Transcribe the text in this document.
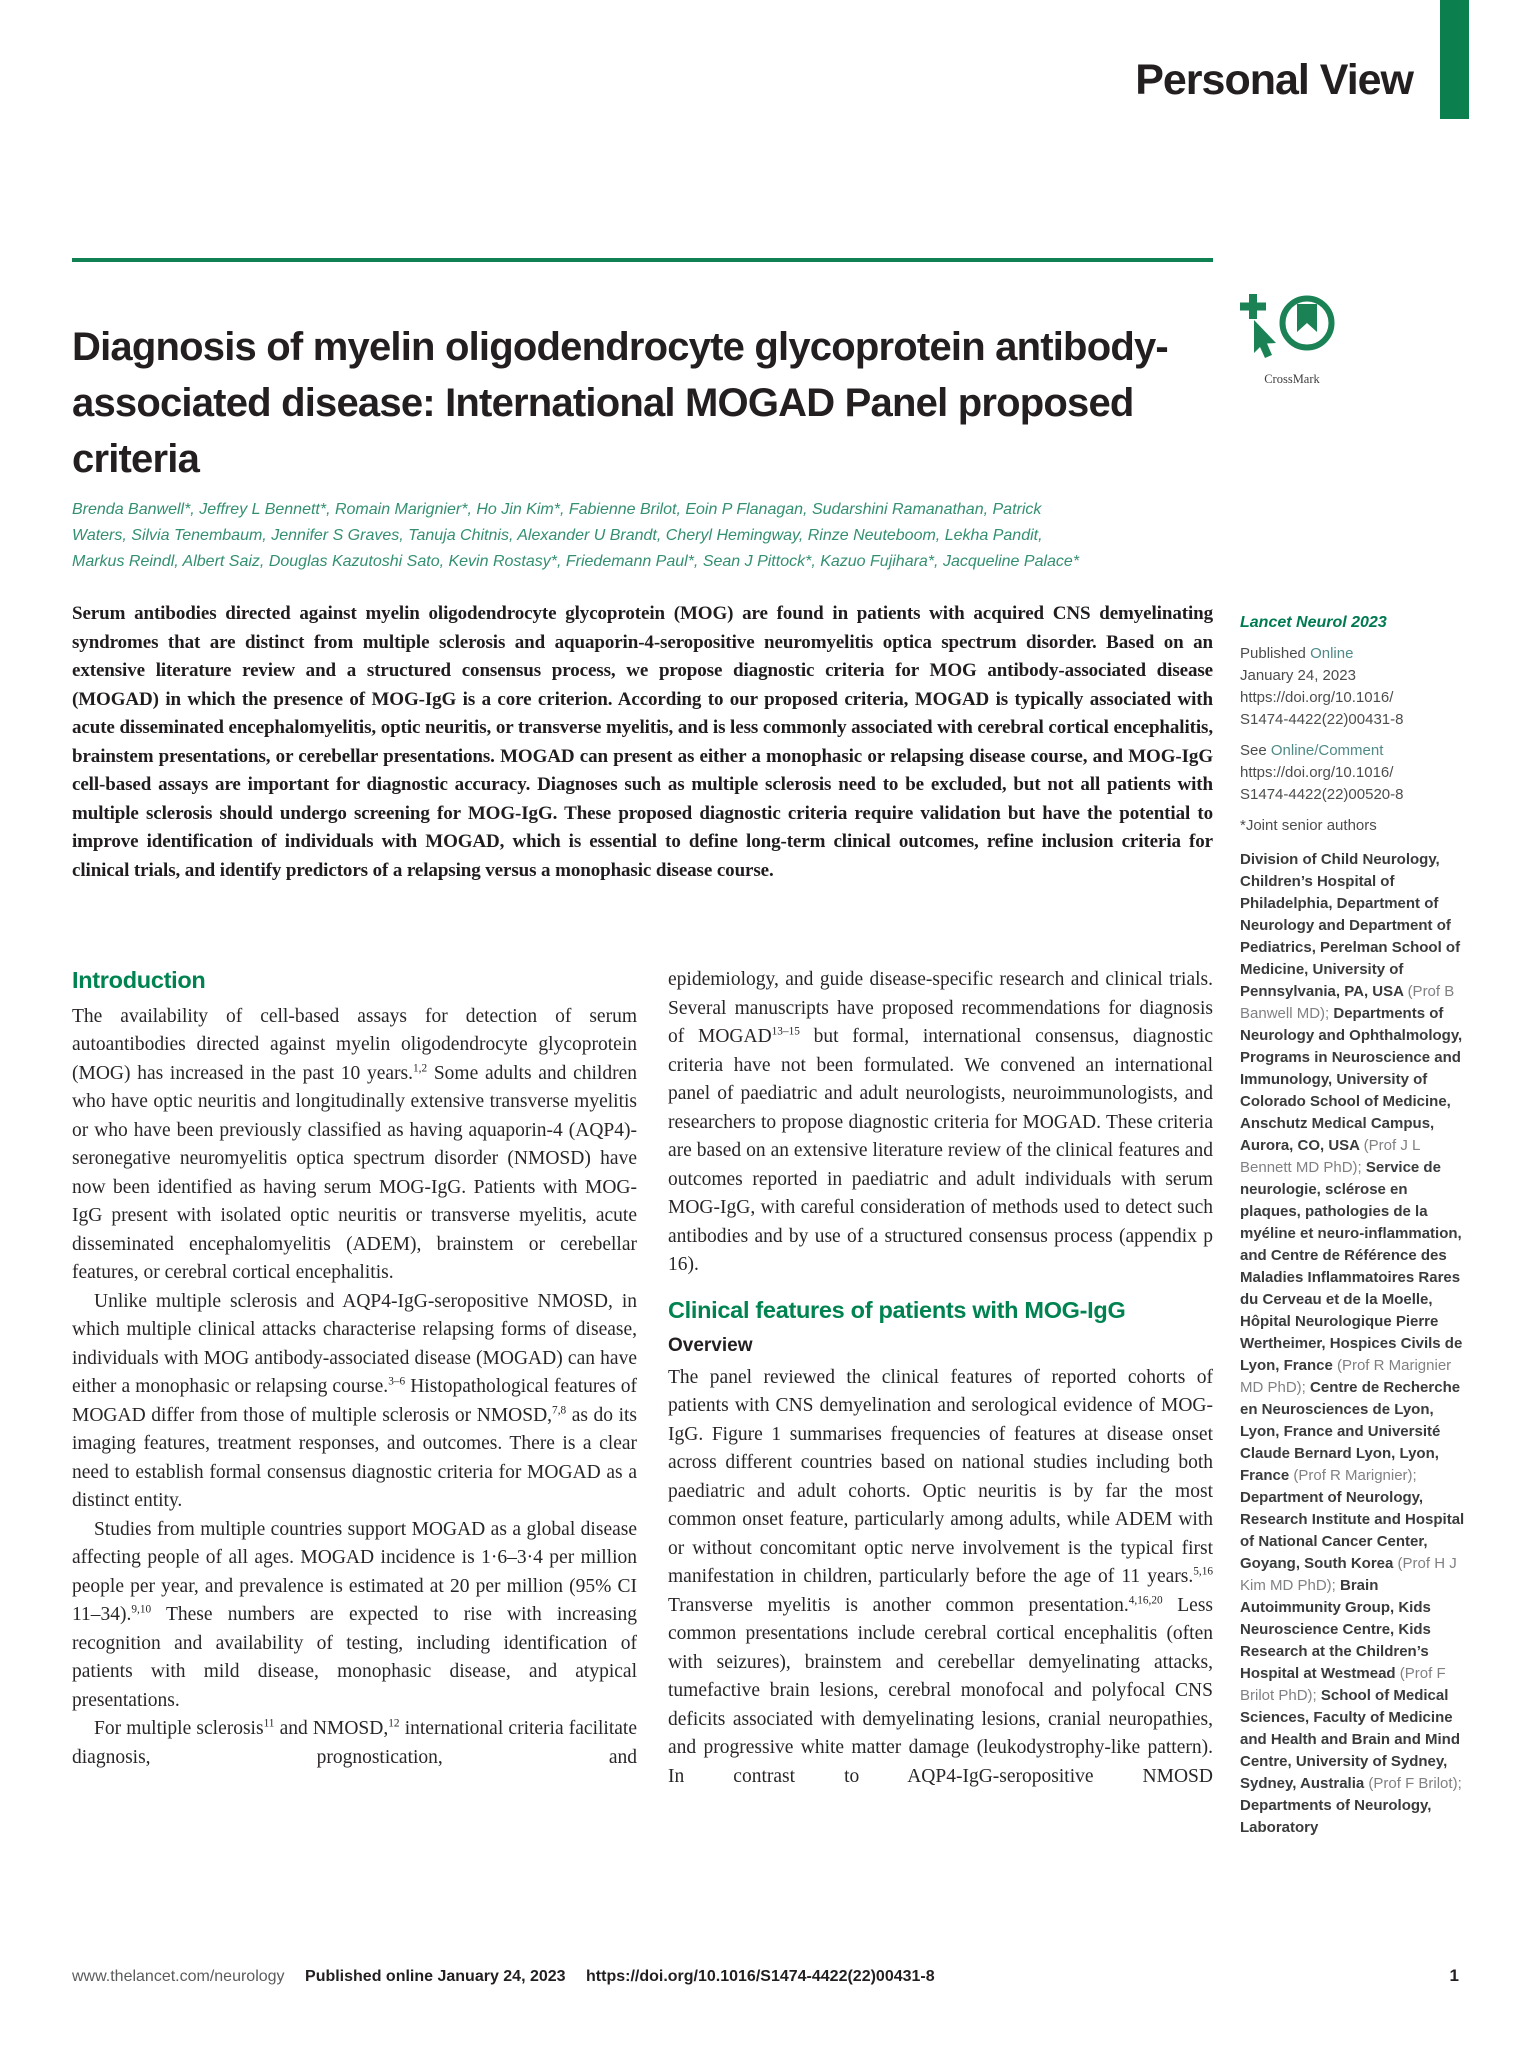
Personal View
Diagnosis of myelin oligodendrocyte glycoprotein antibody-associated disease: International MOGAD Panel proposed criteria
CrossMark
Brenda Banwell*, Jeffrey L Bennett*, Romain Marignier*, Ho Jin Kim*, Fabienne Brilot, Eoin P Flanagan, Sudarshini Ramanathan, Patrick Waters, Silvia Tenembaum, Jennifer S Graves, Tanuja Chitnis, Alexander U Brandt, Cheryl Hemingway, Rinze Neuteboom, Lekha Pandit, Markus Reindl, Albert Saiz, Douglas Kazutoshi Sato, Kevin Rostasy*, Friedemann Paul*, Sean J Pittock*, Kazuo Fujihara*, Jacqueline Palace*
Serum antibodies directed against myelin oligodendrocyte glycoprotein (MOG) are found in patients with acquired CNS demyelinating syndromes that are distinct from multiple sclerosis and aquaporin-4-seropositive neuromyelitis optica spectrum disorder. Based on an extensive literature review and a structured consensus process, we propose diagnostic criteria for MOG antibody-associated disease (MOGAD) in which the presence of MOG-IgG is a core criterion. According to our proposed criteria, MOGAD is typically associated with acute disseminated encephalomyelitis, optic neuritis, or transverse myelitis, and is less commonly associated with cerebral cortical encephalitis, brainstem presentations, or cerebellar presentations. MOGAD can present as either a monophasic or relapsing disease course, and MOG-IgG cell-based assays are important for diagnostic accuracy. Diagnoses such as multiple sclerosis need to be excluded, but not all patients with multiple sclerosis should undergo screening for MOG-IgG. These proposed diagnostic criteria require validation but have the potential to improve identification of individuals with MOGAD, which is essential to define long-term clinical outcomes, refine inclusion criteria for clinical trials, and identify predictors of a relapsing versus a monophasic disease course.
Introduction

The availability of cell-based assays for detection of serum autoantibodies directed against myelin oligodendrocyte glycoprotein (MOG) has increased in the past 10 years.$^{1,2}$ Some adults and children who have optic neuritis and longitudinally extensive transverse myelitis or who have been previously classified as having aquaporin-4 (AQP4)-seronegative neuromyelitis optica spectrum disorder (NMOSD) have now been identified as having serum MOG-IgG. Patients with MOG-IgG present with isolated optic neuritis or transverse myelitis, acute disseminated encephalomyelitis (ADEM), brainstem or cerebellar features, or cerebral cortical encephalitis.

Unlike multiple sclerosis and AQP4-IgG-seropositive NMOSD, in which multiple clinical attacks characterise relapsing forms of disease, individuals with MOG antibody-associated disease (MOGAD) can have either a monophasic or relapsing course.$^{3-6}$ Histopathological features of MOGAD differ from those of multiple sclerosis or NMOSD,$^{7,8}$ as do its imaging features, treatment responses, and outcomes. There is a clear need to establish formal consensus diagnostic criteria for MOGAD as a distinct entity.

Studies from multiple countries support MOGAD as a global disease affecting people of all ages. MOGAD incidence is 1·6–3·4 per million people per year, and prevalence is estimated at 20 per million (95% CI 11–34).$^{9,10}$ These numbers are expected to rise with increasing recognition and availability of testing, including identification of patients with mild disease, monophasic disease, and atypical presentations.

For multiple sclerosis$^{11}$ and NMOSD,$^{12}$ international criteria facilitate diagnosis, prognostication, and

epidemiology, and guide disease-specific research and clinical trials. Several manuscripts have proposed recommendations for diagnosis of MOGAD$^{13-15}$ but formal, international consensus, diagnostic criteria have not been formulated. We convened an international panel of paediatric and adult neurologists, neuroimmunologists, and researchers to propose diagnostic criteria for MOGAD. These criteria are based on an extensive literature review of the clinical features and outcomes reported in paediatric and adult individuals with serum MOG-IgG, with careful consideration of methods used to detect such antibodies and by use of a structured consensus process (appendix p 16).

Clinical features of patients with MOG-IgG
Overview

The panel reviewed the clinical features of reported cohorts of patients with CNS demyelination and serological evidence of MOG-IgG. Figure 1 summarises frequencies of features at disease onset across different countries based on national studies including both paediatric and adult cohorts. Optic neuritis is by far the most common onset feature, particularly among adults, while ADEM with or without concomitant optic nerve involvement is the typical first manifestation in children, particularly before the age of 11 years.$^{5,16}$ Transverse myelitis is another common presentation.$^{4,16,20}$ Less common presentations include cerebral cortical encephalitis (often with seizures), brainstem and cerebellar demyelinating attacks, tumefactive brain lesions, cerebral monofocal and polyfocal CNS deficits associated with demyelinating lesions, cranial neuropathies, and progressive white matter damage (leukodystrophy-like pattern). In contrast to AQP4-IgG-seropositive NMOSD

Lancet Neurol 2023
Published Online
January 24, 2023
https://doi.org/10.1016/
S1474-4422(22)00431-8
See Online/Comment
https://doi.org/10.1016/
S1474-4422(22)00520-8
*Joint senior authors
Division of Child Neurology, Children’s Hospital of Philadelphia, Department of Neurology and Department of Pediatrics, Perelman School of Medicine, University of Pennsylvania, PA, USA (Prof B Banwell MD); Departments of Neurology and Ophthalmology, Programs in Neuroscience and Immunology, University of Colorado School of Medicine, Anschutz Medical Campus, Aurora, CO, USA (Prof J L Bennett MD PhD); Service de neurologie, sclérose en plaques, pathologies de la myéline et neuro-inflammation, and Centre de Référence des Maladies Inflammatoires Rares du Cerveau et de la Moelle, Hôpital Neurologique Pierre Wertheimer, Hospices Civils de Lyon, France (Prof R Marignier MD PhD); Centre de Recherche en Neurosciences de Lyon, Lyon, France and Université Claude Bernard Lyon, Lyon, France (Prof R Marignier); Department of Neurology, Research Institute and Hospital of National Cancer Center, Goyang, South Korea (Prof H J Kim MD PhD); Brain Autoimmunity Group, Kids Neuroscience Centre, Kids Research at the Children’s Hospital at Westmead (Prof F Brilot PhD); School of Medical Sciences, Faculty of Medicine and Health and Brain and Mind Centre, University of Sydney, Sydney, Australia (Prof F Brilot); Departments of Neurology, Laboratory
www.thelancet.com/neurology Published online January 24, 2023 https://doi.org/10.1016/S1474-4422(22)00431-8	1
